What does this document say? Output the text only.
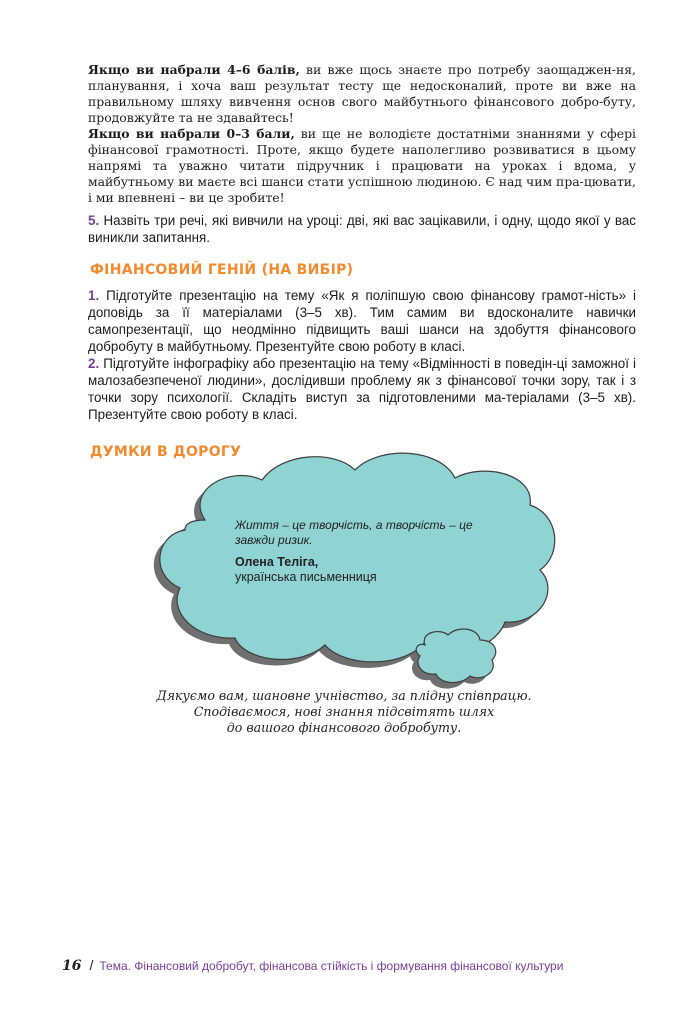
Якщо ви набрали 4–6 балів, ви вже щось знаєте про потребу заощаджен-ня, планування, і хоча ваш результат тесту ще недосконалий, проте ви вже на правильному шляху вивчення основ свого майбутнього фінансового добро-буту, продовжуйте та не здавайтесь!

Якщо ви набрали 0–3 бали, ви ще не володієте достатніми знаннями у сфері фінансової грамотності. Проте, якщо будете наполегливо розвиватися в цьому напрямі та уважно читати підручник і працювати на уроках і вдома, у майбутньому ви маєте всі шанси стати успішною людиною. Є над чим пра-цювати, і ми впевнені – ви це зробите!

5. Назвіть три речі, які вивчили на уроці: дві, які вас зацікавили, і одну, щодо якої у вас виникли запитання.

ФІНАНСОВИЙ ГЕНІЙ (НА ВИБІР)

1. Підготуйте презентацію на тему «Як я поліпшую свою фінансову грамот-ність» і доповідь за її матеріалами (3–5 хв). Тим самим ви вдосконалите навички самопрезентації, що неодмінно підвищить ваші шанси на здобуття фінансового добробуту в майбутньому. Презентуйте свою роботу в класі.

2. Підготуйте інфографіку або презентацію на тему «Відмінності в поведін-ці заможної і малозабезпеченої людини», дослідивши проблему як з фінансової точки зору, так і з точки зору психології. Складіть виступ за підготовленими ма-теріалами (3–5 хв). Презентуйте свою роботу в класі.

ДУМКИ В ДОРОГУ
Життя – це творчість, а творчість – це завжди ризик.
Олена Теліга,
українська письменниця
Дякуємо вам, шановне учнівство, за плідну співпрацю.
Сподіваємося, нові знання підсвітять шлях
до вашого фінансового добробуту.
16 / Тема. Фінансовий добробут, фінансова стійкість і формування фінансової культури
